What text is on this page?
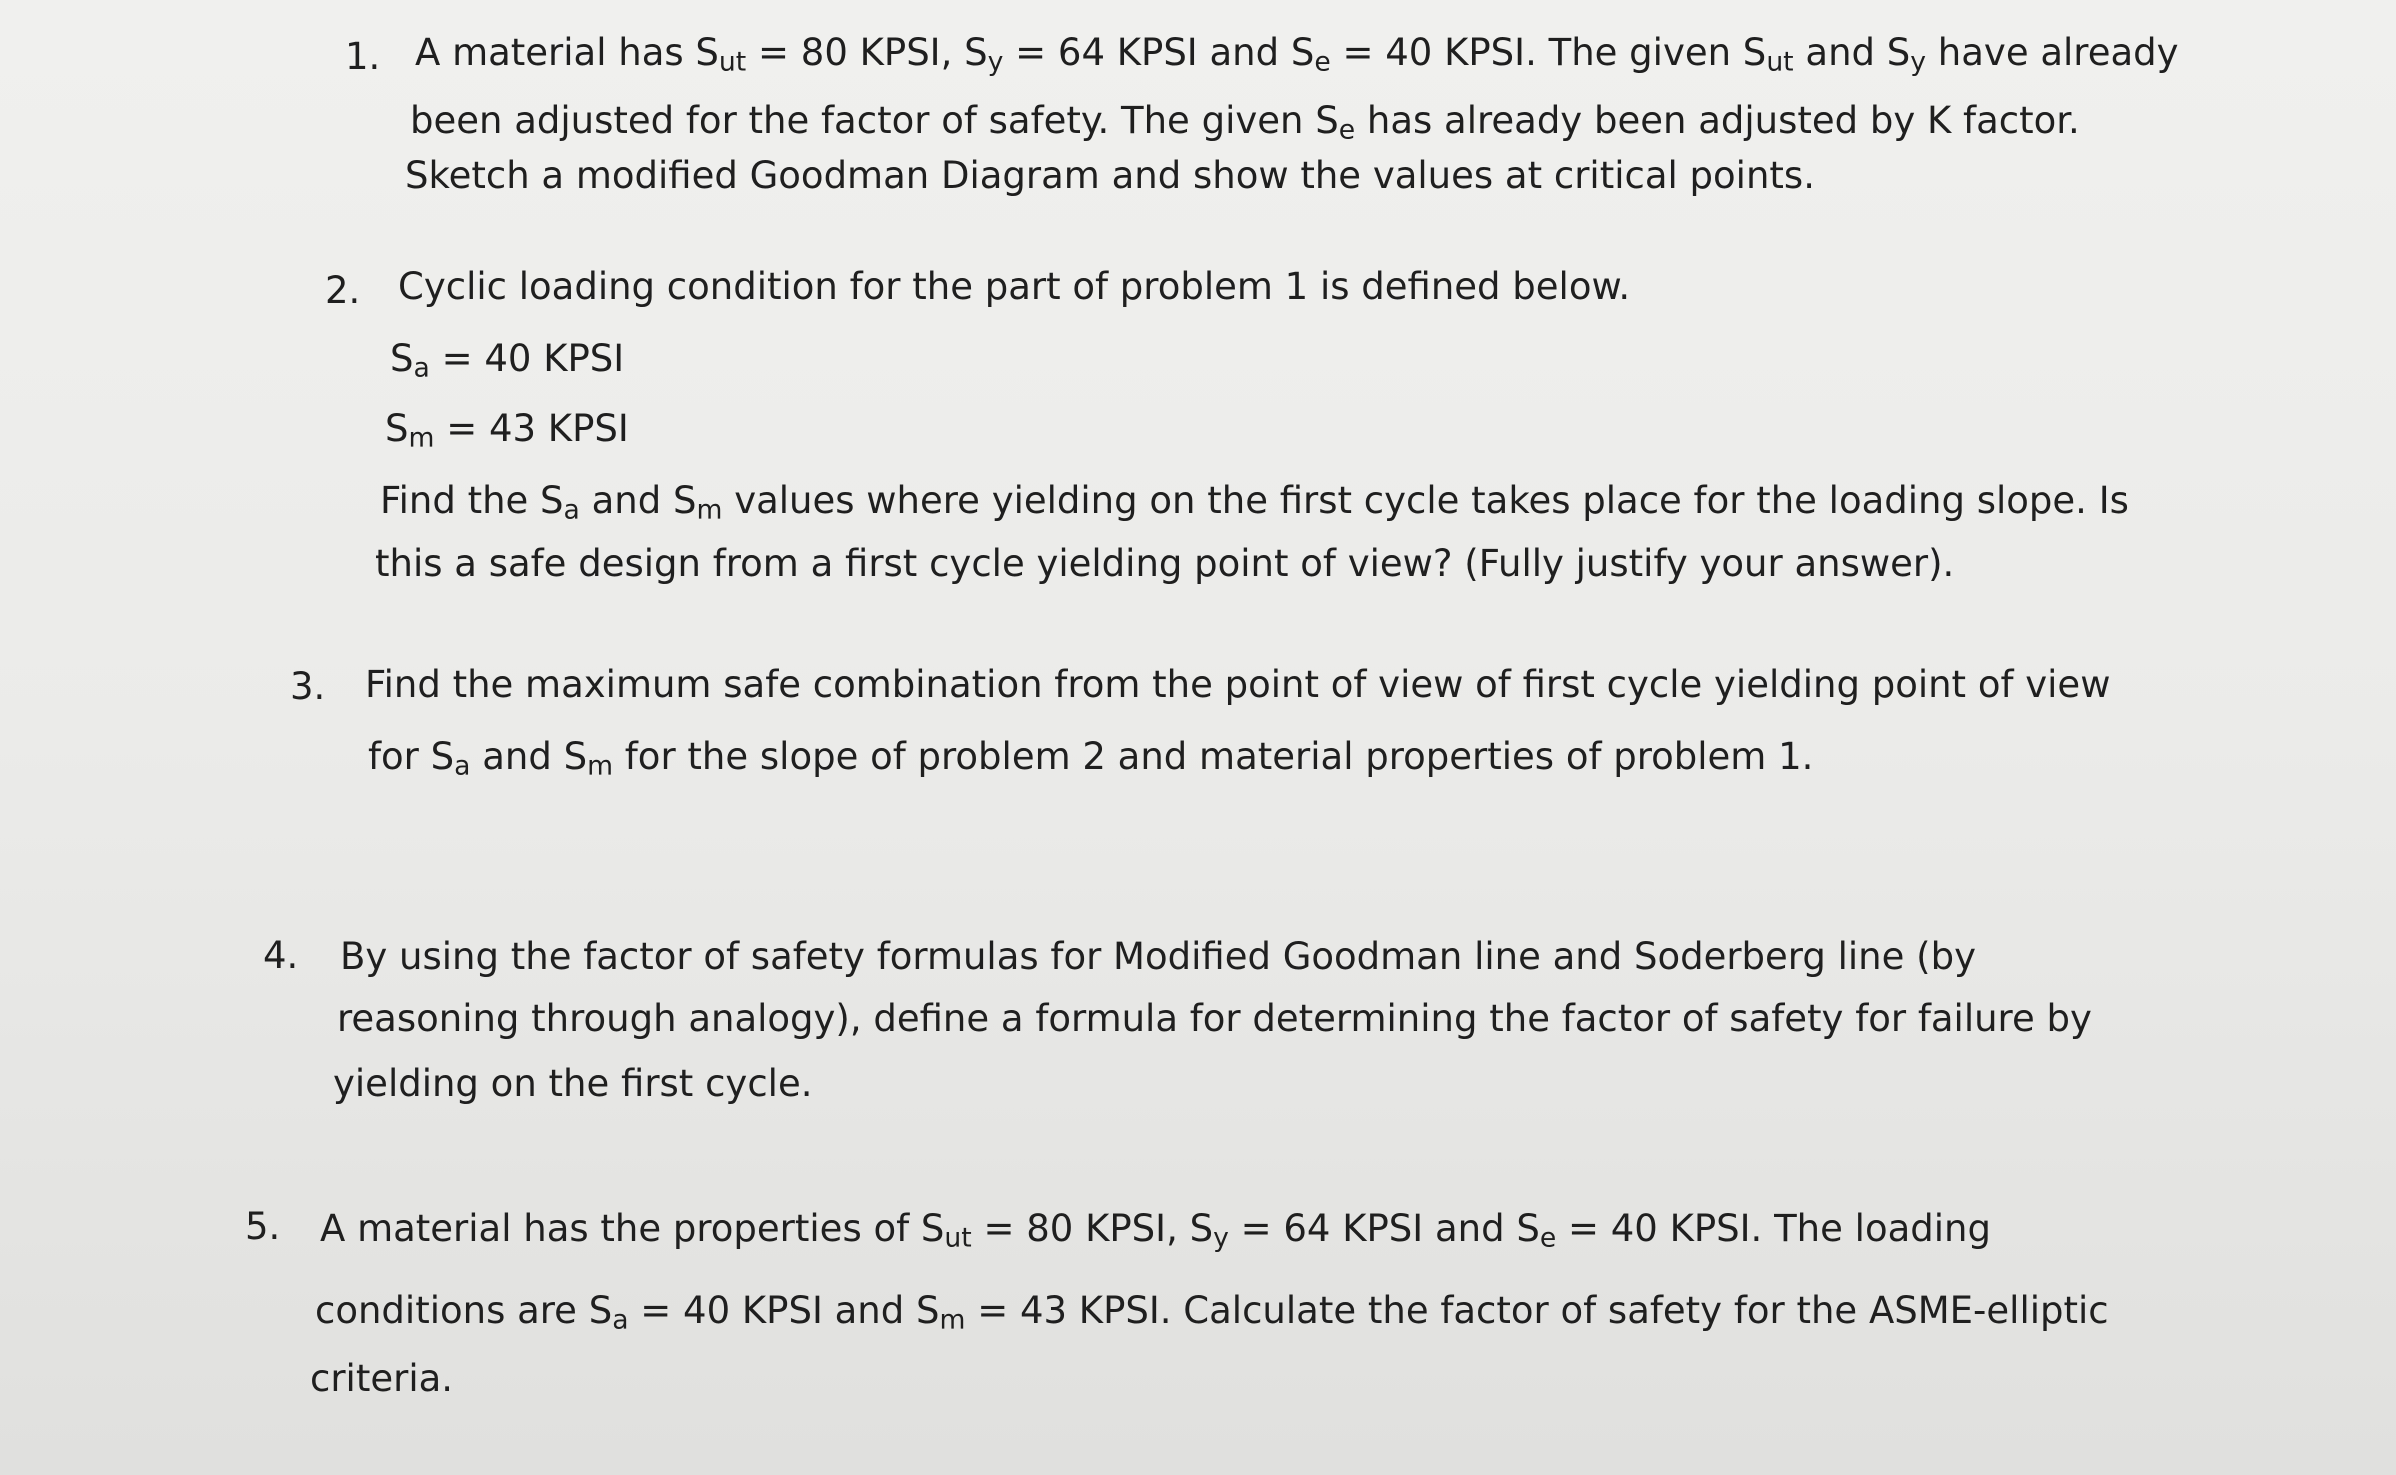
1. A material has $S_{ut} = 80$ KPSI, $S_y = 64$ KPSI and $S_e = 40$ KPSI. The given $S_{ut}$ and $S_y$ have already
been adjusted for the factor of safety. The given $S_e$ has already been adjusted by K factor.
Sketch a modified Goodman Diagram and show the values at critical points.
2. Cyclic loading condition for the part of problem 1 is defined below.
$S_a = 40$ KPSI
$S_m = 43$ KPSI
Find the $S_a$ and $S_m$ values where yielding on the first cycle takes place for the loading slope. Is
this a safe design from a first cycle yielding point of view? (Fully justify your answer).
3. Find the maximum safe combination from the point of view of first cycle yielding point of view
for $S_a$ and $S_m$ for the slope of problem 2 and material properties of problem 1.
4. By using the factor of safety formulas for Modified Goodman line and Soderberg line (by
reasoning through analogy), define a formula for determining the factor of safety for failure by
yielding on the first cycle.
5. A material has the properties of $S_{ut} = 80$ KPSI, $S_y = 64$ KPSI and $S_e = 40$ KPSI. The loading
conditions are $S_a = 40$ KPSI and $S_m = 43$ KPSI. Calculate the factor of safety for the ASME-elliptic
criteria.
